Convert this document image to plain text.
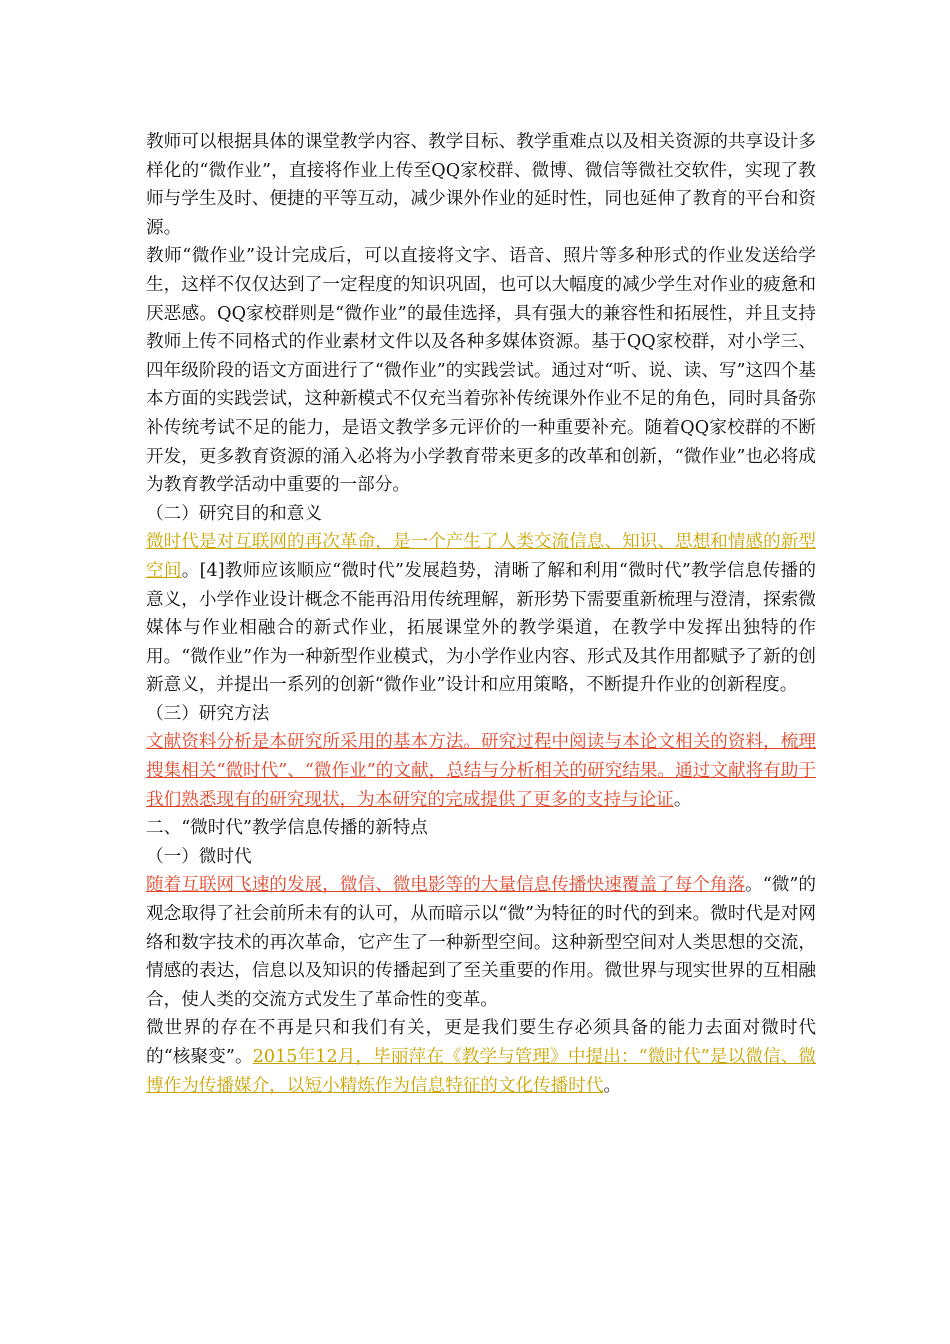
教师可以根据具体的课堂教学内容、教学目标、教学重难点以及相关资源的共享设计多样化的“微作业”，直接将作业上传至QQ家校群、微博、微信等微社交软件，实现了教师与学生及时、便捷的平等互动，减少课外作业的延时性，同也延伸了教育的平台和资源。

教师“微作业”设计完成后，可以直接将文字、语音、照片等多种形式的作业发送给学生，这样不仅仅达到了一定程度的知识巩固，也可以大幅度的减少学生对作业的疲惫和厌恶感。QQ家校群则是“微作业”的最佳选择，具有强大的兼容性和拓展性，并且支持教师上传不同格式的作业素材文件以及各种多媒体资源。基于QQ家校群，对小学三、四年级阶段的语文方面进行了“微作业”的实践尝试。通过对“听、说、读、写”这四个基本方面的实践尝试，这种新模式不仅充当着弥补传统课外作业不足的角色，同时具备弥补传统考试不足的能力，是语文教学多元评价的一种重要补充。随着QQ家校群的不断开发，更多教育资源的涌入必将为小学教育带来更多的改革和创新，“微作业”也必将成为教育教学活动中重要的一部分。

（二）研究目的和意义

微时代是对互联网的再次革命，是一个产生了人类交流信息、知识、思想和情感的新型空间。[4]教师应该顺应“微时代”发展趋势，清晰了解和利用“微时代”教学信息传播的意义，小学作业设计概念不能再沿用传统理解，新形势下需要重新梳理与澄清，探索微媒体与作业相融合的新式作业，拓展课堂外的教学渠道，在教学中发挥出独特的作用。“微作业”作为一种新型作业模式，为小学作业内容、形式及其作用都赋予了新的创新意义，并提出一系列的创新“微作业”设计和应用策略，不断提升作业的创新程度。

（三）研究方法

文献资料分析是本研究所采用的基本方法。研究过程中阅读与本论文相关的资料，梳理搜集相关“微时代”、“微作业”的文献，总结与分析相关的研究结果。通过文献将有助于我们熟悉现有的研究现状，为本研究的完成提供了更多的支持与论证。

二、“微时代”教学信息传播的新特点

（一）微时代

随着互联网飞速的发展，微信、微电影等的大量信息传播快速覆盖了每个角落。“微”的观念取得了社会前所未有的认可，从而暗示以“微”为特征的时代的到来。微时代是对网络和数字技术的再次革命，它产生了一种新型空间。这种新型空间对人类思想的交流，情感的表达，信息以及知识的传播起到了至关重要的作用。微世界与现实世界的互相融合，使人类的交流方式发生了革命性的变革。

微世界的存在不再是只和我们有关，更是我们要生存必须具备的能力去面对微时代的“核聚变”。2015年12月，毕丽萍在《教学与管理》中提出：“微时代”是以微信、微博作为传播媒介，以短小精炼作为信息特征的文化传播时代。
